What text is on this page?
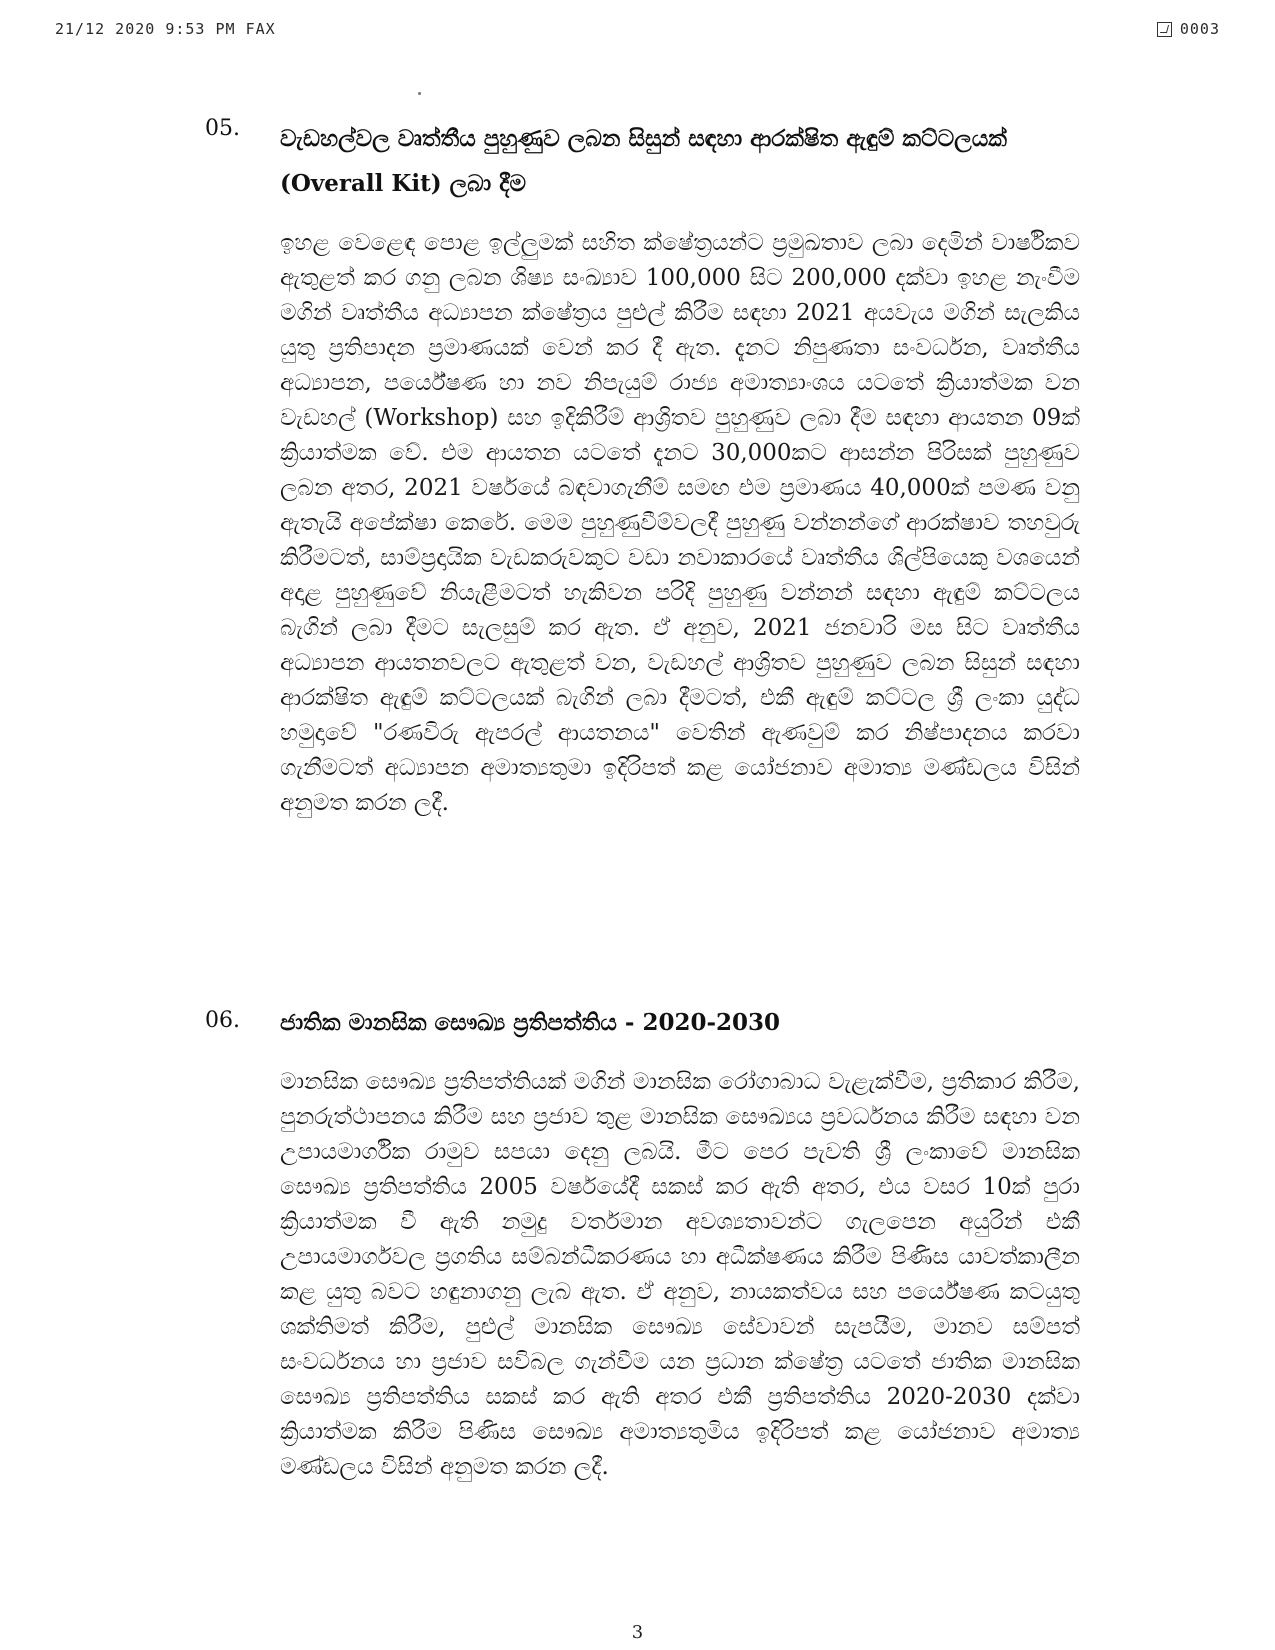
21/12 2020 9:53 PM FAX	0003
05. වැඩහල්වල වෘත්තීය පුහුණුව ලබන සිසුන් සඳහා ආරක්ෂිත ඇඳුම් කට්ටලයක් (Overall Kit) ලබා දීම
ඉහළ වෙළෙඳ පොළ ඉල්ලුමක් සහිත ක්ෂේත්‍රයන්ට ප්‍රමුඛතාව ලබා දෙමින් වාර්ෂිකව ඇතුළත් කර ගනු ලබන ශිෂ්‍ය සංඛ්‍යාව 100,000 සිට 200,000 දක්වා ඉහළ නැංවීම මගින් වෘත්තීය අධ්‍යාපන ක්ෂේත්‍රය පුළුල් කිරීම සඳහා 2021 අයවැය මගින් සැලකිය යුතු ප්‍රතිපාදන ප්‍රමාණයක් වෙන් කර දී ඇත. දැනට නිපුණතා සංවර්ධන, වෘත්තීය අධ්‍යාපන, පර්යේෂණ හා නව නිපැයුම් රාජ්‍ය අමාත්‍යාංශය යටතේ ක්‍රියාත්මක වන වැඩහල් (Workshop) සහ ඉදිකිරීම් ආශ්‍රිතව පුහුණුව ලබා දීම සඳහා ආයතන 09ක් ක්‍රියාත්මක වේ. එම ආයතන යටතේ දැනට 30,000කට ආසන්න පිරිසක් පුහුණුව ලබන අතර, 2021 වර්ෂයේ බඳවාගැනීම් සමඟ එම ප්‍රමාණය 40,000ක් පමණ වනු ඇතැයි අපේක්ෂා කෙරේ. මෙම පුහුණුවීම්වලදී පුහුණු වන්නන්ගේ ආරක්ෂාව තහවුරු කිරීමටත්, සාම්ප්‍රදායික වැඩකරුවකුට වඩා නවාකාරයේ වෘත්තීය ශිල්පියෙකු වශයෙන් අදාළ පුහුණුවේ නියැළීමටත් හැකිවන පරිදි පුහුණු වන්නන් සඳහා ඇඳුම් කට්ටලය බැගින් ලබා දීමට සැලසුම් කර ඇත. ඒ අනුව, 2021 ජනවාරි මස සිට වෘත්තීය අධ්‍යාපන ආයතනවලට ඇතුළත් වන, වැඩහල් ආශ්‍රිතව පුහුණුව ලබන සිසුන් සඳහා ආරක්ෂිත ඇඳුම් කට්ටලයක් බැගින් ලබා දීමටත්, එකී ඇඳුම් කට්ටල ශ්‍රී ලංකා යුද්ධ හමුදාවේ "රණවිරු ඇපරල් ආයතනය" වෙතින් ඇණවුම් කර නිෂ්පාදනය කරවා ගැනීමටත් අධ්‍යාපන අමාත්‍යතුමා ඉදිරිපත් කළ යෝජනාව අමාත්‍ය මණ්ඩලය විසින් අනුමත කරන ලදී.
06. ජාතික මානසික සෞඛ්‍ය ප්‍රතිපත්තිය - 2020-2030
මානසික සෞඛ්‍ය ප්‍රතිපත්තියක් මගින් මානසික රෝගාබාධ වැළැක්වීම, ප්‍රතිකාර කිරීම, පුනරුත්ථාපනය කිරීම සහ ප්‍රජාව තුළ මානසික සෞඛ්‍යය ප්‍රවර්ධනය කිරීම සඳහා වන උපායමාර්ගික රාමුව සපයා දෙනු ලබයි. මීට පෙර පැවති ශ්‍රී ලංකාවේ මානසික සෞඛ්‍ය ප්‍රතිපත්තිය 2005 වර්ෂයේදී සකස් කර ඇති අතර, එය වසර 10ක් පුරා ක්‍රියාත්මක වී ඇති නමුදු වර්තමාන අවශ්‍යතාවන්ට ගැලපෙන අයුරින් එකී උපායමාර්ගවල ප්‍රගතිය සම්බන්ධීකරණය හා අධීක්ෂණය කිරීම පිණිස යාවත්කාලීන කළ යුතු බවට හඳුනාගනු ලැබ ඇත. ඒ අනුව, නායකත්වය සහ පර්යේෂණ කටයුතු ශක්තිමත් කිරීම, පුළුල් මානසික සෞඛ්‍ය සේවාවන් සැපයීම, මානව සම්පත් සංවර්ධනය හා ප්‍රජාව සවිබල ගැන්වීම යන ප්‍රධාන ක්ෂේත්‍ර යටතේ ජාතික මානසික සෞඛ්‍ය ප්‍රතිපත්තිය සකස් කර ඇති අතර එකී ප්‍රතිපත්තිය 2020-2030 දක්වා ක්‍රියාත්මක කිරීම පිණිස සෞඛ්‍ය අමාත්‍යතුමිය ඉදිරිපත් කළ යෝජනාව අමාත්‍ය මණ්ඩලය විසින් අනුමත කරන ලදී.
3
